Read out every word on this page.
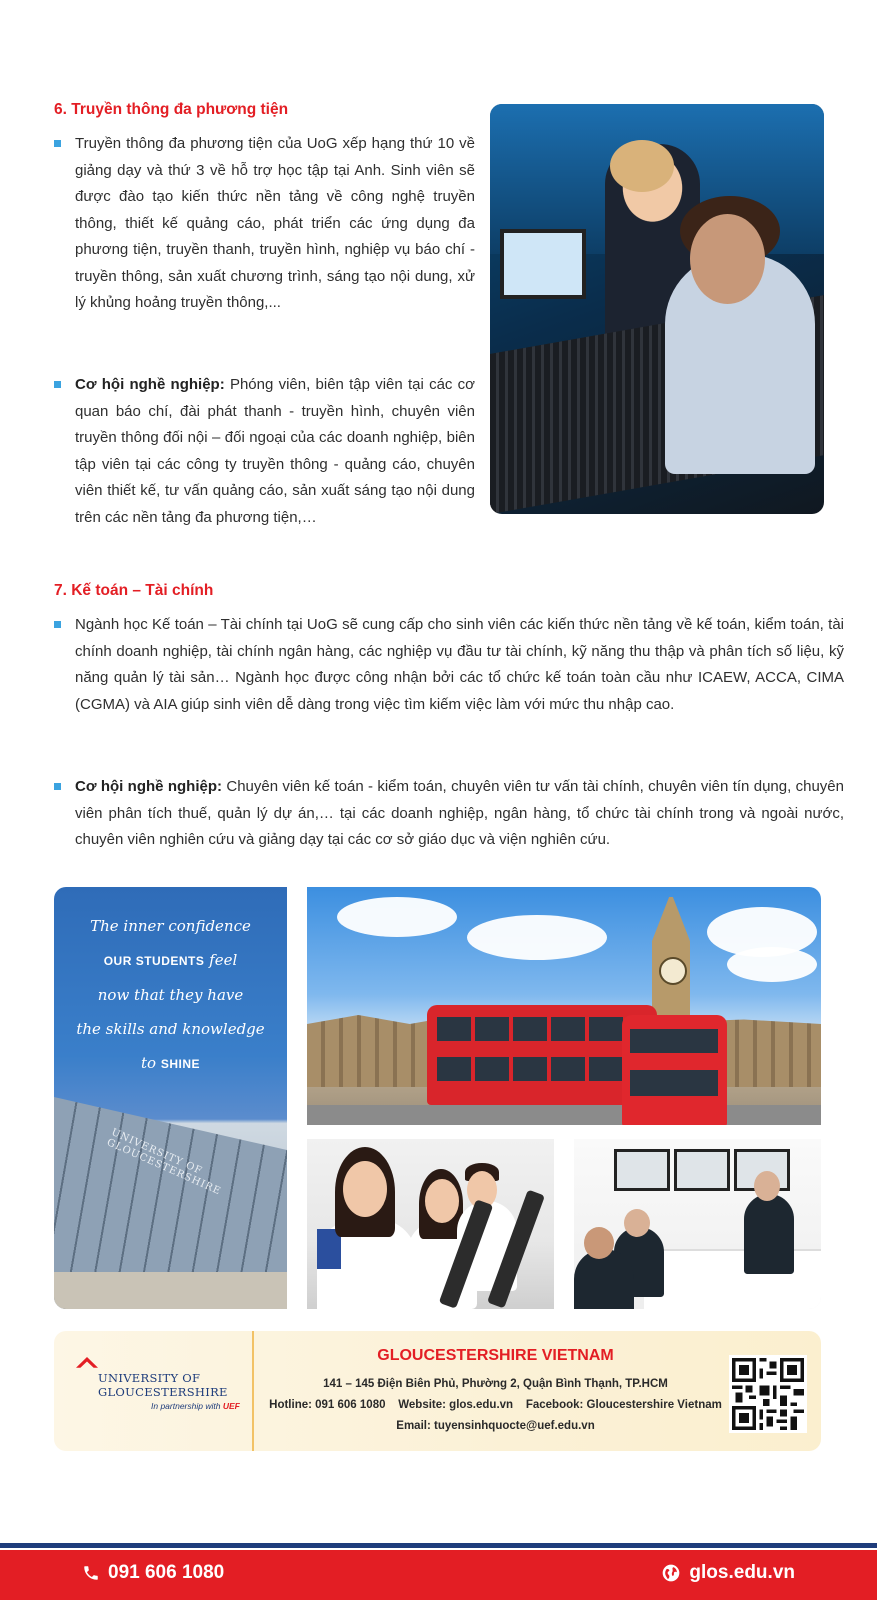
6. Truyền thông đa phương tiện
Truyền thông đa phương tiện của UoG xếp hạng thứ 10 về giảng dạy và thứ 3 về hỗ trợ học tập tại Anh. Sinh viên sẽ được đào tạo kiến thức nền tảng về công nghệ truyền thông, thiết kế quảng cáo, phát triển các ứng dụng đa phương tiện, truyền thanh, truyền hình, nghiệp vụ báo chí - truyền thông, sản xuất chương trình, sáng tạo nội dung, xử lý khủng hoảng truyền thông,...
Cơ hội nghề nghiệp: Phóng viên, biên tập viên tại các cơ quan báo chí, đài phát thanh - truyền hình, chuyên viên truyền thông đối nội – đối ngoại của các doanh nghiệp, biên tập viên tại các công ty truyền thông - quảng cáo, chuyên viên thiết kế, tư vấn quảng cáo, sản xuất sáng tạo nội dung trên các nền tảng đa phương tiện,…
7. Kế toán – Tài chính
Ngành học Kế toán – Tài chính tại UoG sẽ cung cấp cho sinh viên các kiến thức nền tảng về kế toán, kiểm toán, tài chính doanh nghiệp, tài chính ngân hàng, các nghiệp vụ đầu tư tài chính, kỹ năng thu thập và phân tích số liệu, kỹ năng quản lý tài sản… Ngành học được công nhận bởi các tổ chức kế toán toàn cầu như ICAEW, ACCA, CIMA (CGMA) và AIA giúp sinh viên dễ dàng trong việc tìm kiếm việc làm với mức thu nhập cao.
Cơ hội nghề nghiệp: Chuyên viên kế toán - kiểm toán, chuyên viên tư vấn tài chính, chuyên viên tín dụng, chuyên viên phân tích thuế, quản lý dự án,… tại các doanh nghiệp, ngân hàng, tổ chức tài chính trong và ngoài nước, chuyên viên nghiên cứu và giảng dạy tại các cơ sở giáo dục và viện nghiên cứu.
UNIVERSITY OF GLOUCESTERSHIRE
The inner confidence
OUR STUDENTS feel
now that they have
the skills and knowledge
to SHINE
UNIVERSITY OF
GLOUCESTERSHIRE
In partnership with UEF
GLOUCESTERSHIRE VIETNAM
141 – 145 Điện Biên Phủ, Phường 2, Quận Bình Thạnh, TP.HCM
Hotline: 091 606 1080    Website: glos.edu.vn    Facebook: Gloucestershire Vietnam
Email: tuyensinhquocte@uef.edu.vn
091 606 1080	glos.edu.vn
